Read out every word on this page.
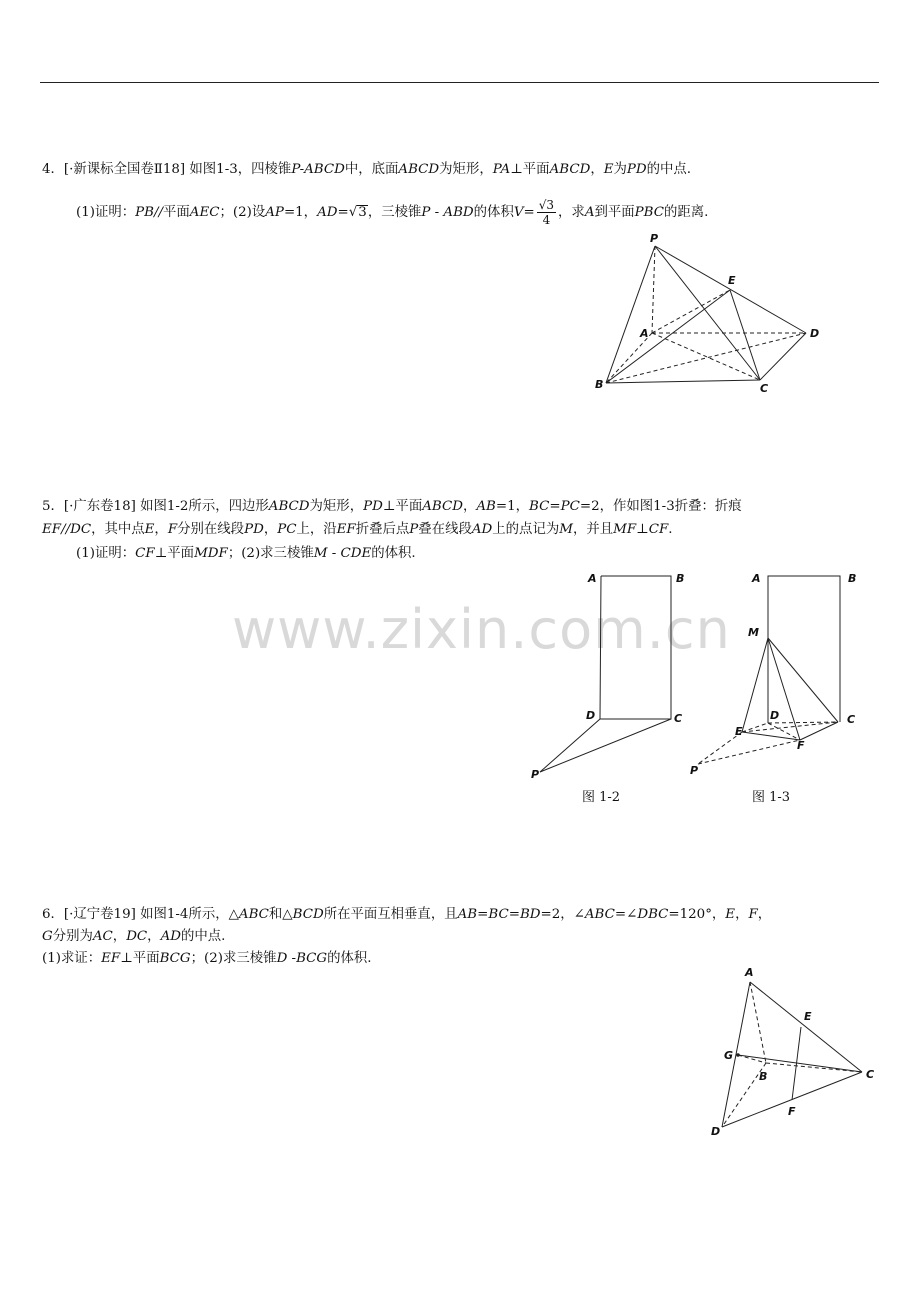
4．[·新课标全国卷Ⅱ18] 如图1-3，四棱锥P-ABCD中，底面ABCD为矩形，PA⊥平面ABCD，E为PD的中点.
(1)证明：PB//平面AEC；(2)设AP=1，AD=√3，三棱锥P - ABD的体积$V= \frac{√3}{4}$ ，求A到平面PBC的距离.
5．[·广东卷18] 如图1-2所示，四边形ABCD为矩形，PD⊥平面ABCD，AB=1，BC=PC=2，作如图1-3折叠：折痕
EF//DC，其中点E，F分别在线段PD，PC上，沿EF折叠后点P叠在线段AD上的点记为M，并且MF⊥CF.
(1)证明：CF⊥平面MDF；(2)求三棱锥M - CDE的体积.
6．[·辽宁卷19] 如图1-4所示，△ABC和△BCD所在平面互相垂直，且AB=BC=BD=2，∠ABC=∠DBC=120°，E，F，
G分别为AC，DC，AD的中点.
(1)求证：EF⊥平面BCG；(2)求三棱锥D -BCG的体积.
www.zixin.com.cn
P
E
A	D
B	C
A	B
D	C
P
图 1-2
A	B
M
D
E
C
F
P
图 1-3
A
E
G
B	C
F
D
